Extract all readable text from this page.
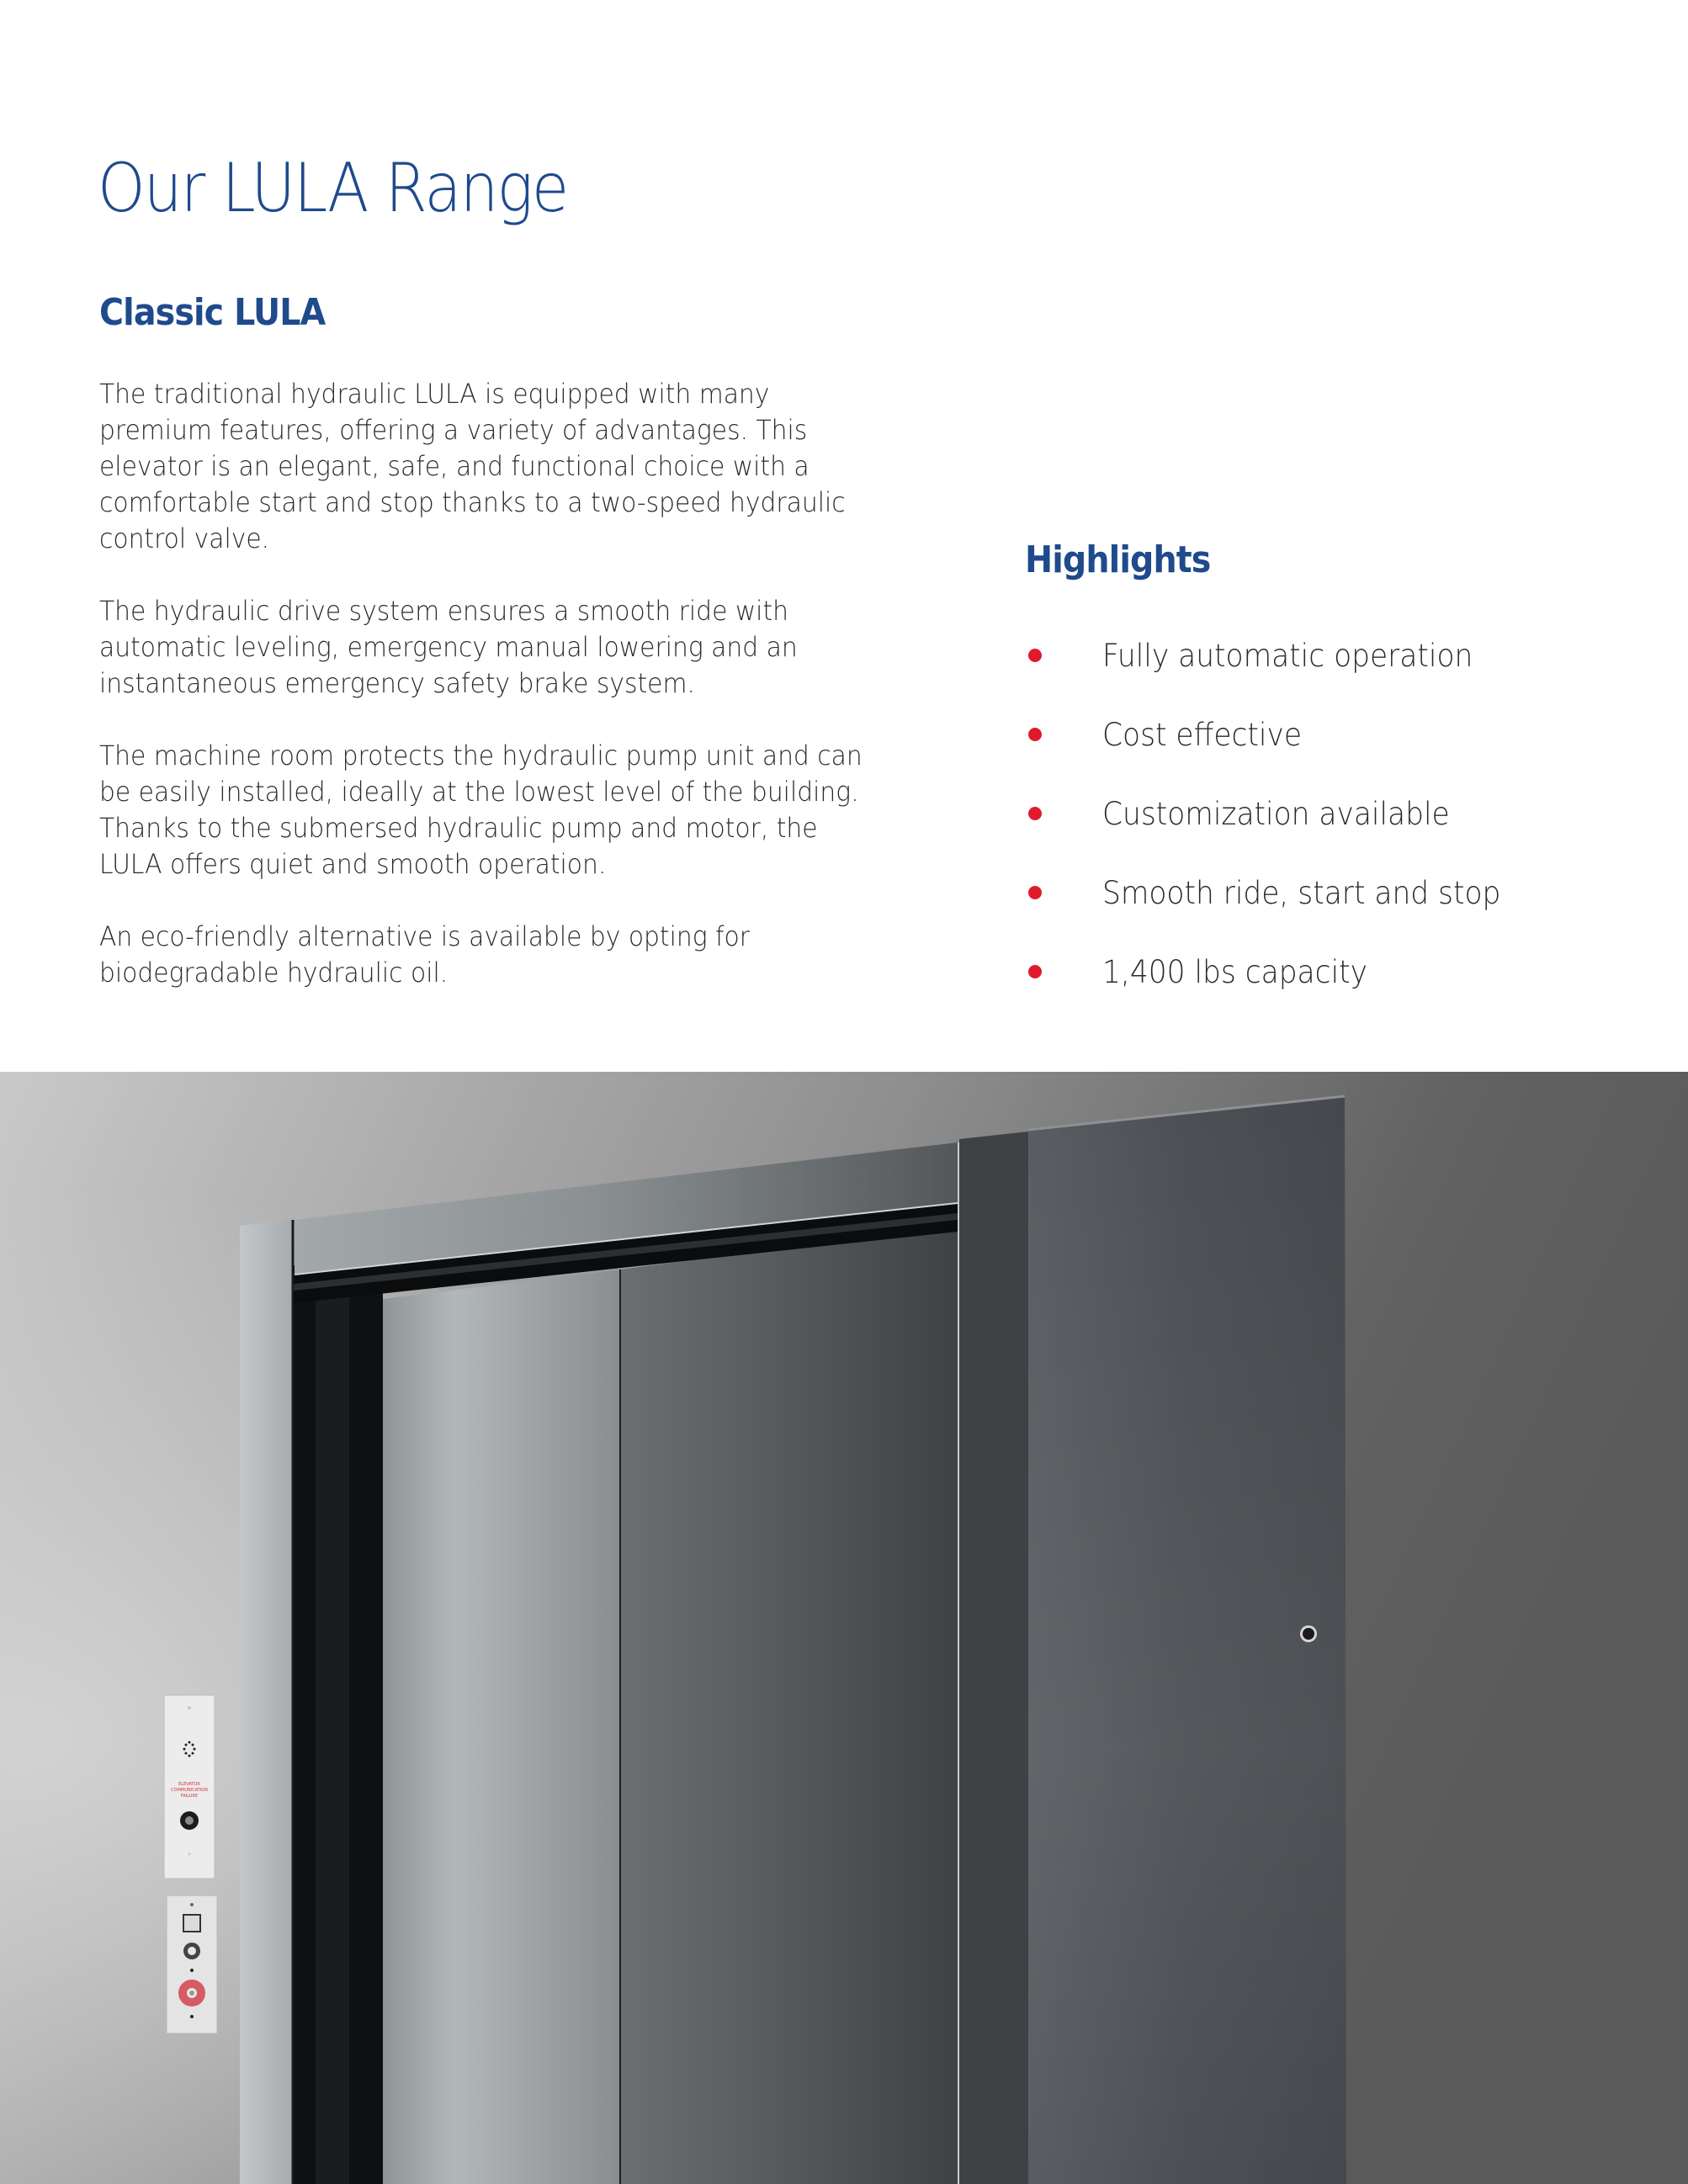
Our LULA Range
Classic LULA

The traditional hydraulic LULA is equipped with many
premium features, offering a variety of advantages. This
elevator is an elegant, safe, and functional choice with a
comfortable start and stop thanks to a two-speed hydraulic
control valve.

The hydraulic drive system ensures a smooth ride with
automatic leveling, emergency manual lowering and an
instantaneous emergency safety brake system.

The machine room protects the hydraulic pump unit and can
be easily installed, ideally at the lowest level of the building.
Thanks to the submersed hydraulic pump and motor, the
LULA offers quiet and smooth operation.

An eco-friendly alternative is available by opting for
biodegradable hydraulic oil.

Highlights
Fully automatic operation
Cost effective
Customization available
Smooth ride, start and stop
1,400 lbs capacity
ELEVATOR
COMMUNICATION
FAILURE
